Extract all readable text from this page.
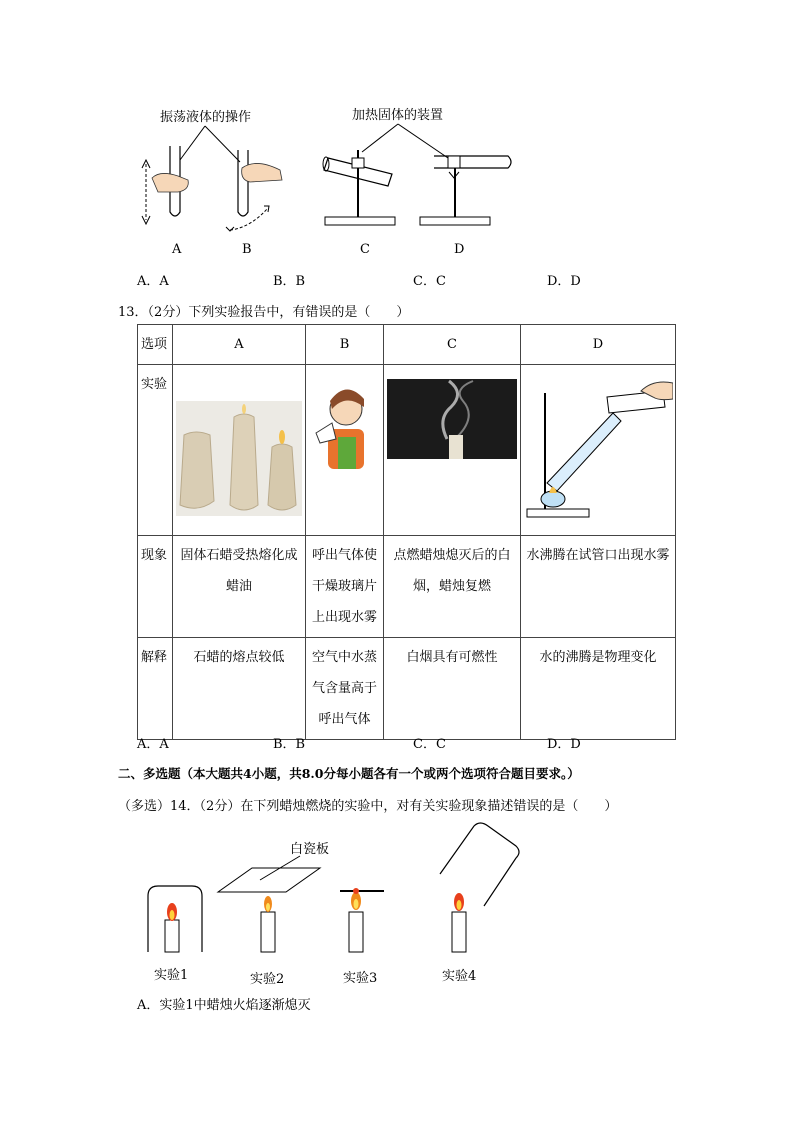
振荡液体的操作	加热固体的装置
A	B	C	D
A．A	B．B	C．C	D．D
13．（2分）下列实验报告中，有错误的是（　　）
选项	A	B	C	D
实验				
现象	固体石蜡受热熔化成蜡油	呼出气体使干燥玻璃片上出现水雾	点燃蜡烛熄灭后的白烟，蜡烛复燃	水沸腾在试管口出现水雾
解释	石蜡的熔点较低	空气中水蒸气含量高于呼出气体	白烟具有可燃性	水的沸腾是物理变化
A．A	B．B	C．C	D．D
二、多选题（本大题共4小题，共8.0分每小题各有一个或两个选项符合题目要求。）
（多选）14．（2分）在下列蜡烛燃烧的实验中，对有关实验现象描述错误的是（　　）
白瓷板
实验1	实验2	实验3	实验4
A．实验1中蜡烛火焰逐渐熄灭
